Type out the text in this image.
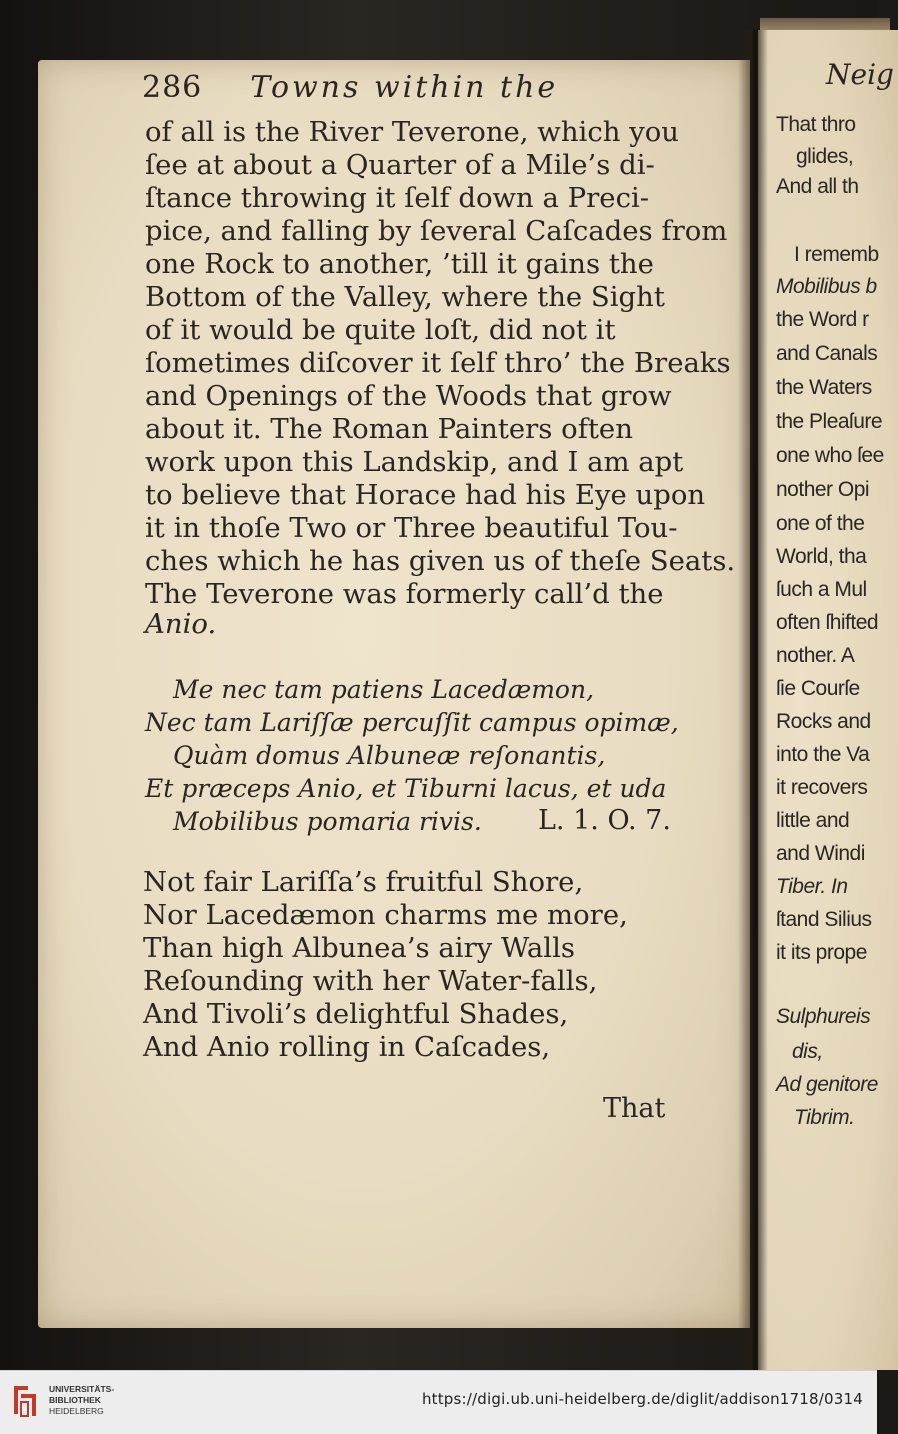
286 Towns within the
of all is the River Teverone, which you
ſee at about a Quarter of a Mile’s di-
ſtance throwing it ſelf down a Preci-
pice, and falling by ſeveral Caſcades from
one Rock to another, ’till it gains the
Bottom of the Valley, where the Sight
of it would be quite loſt, did not it
ſometimes diſcover it ſelf thro’ the Breaks
and Openings of the Woods that grow
about it. The Roman Painters often
work upon this Landskip, and I am apt
to believe that Horace had his Eye upon
it in thoſe Two or Three beautiful Tou-
ches which he has given us of theſe Seats.
The Teverone was formerly call’d the
Anio.
Me nec tam patiens Lacedæmon,
Nec tam Lariſſæ percuſſit campus opimæ,
Quàm domus Albuneæ reſonantis,
Et præceps Anio, et Tiburni lacus, et uda
Mobilibus pomaria rivis. L. 1. O. 7.
Not fair Lariſſa’s fruitful Shore,
Nor Lacedæmon charms me more,
Than high Albunea’s airy Walls
Reſounding with her Water-falls,
And Tivoli’s delightful Shades,
And Anio rolling in Caſcades,
That
Neig
That thro
glides,
And all th
I rememb
Mobilibus b
the Word r
and Canals
the Waters
the Pleaſure
one who ſee
nother Opi
one of the
World, tha
ſuch a Mul
often ſhifted
nother. A
ſie Courſe
Rocks and
into the Va
it recovers
little and
and Windi
Tiber. In
ſtand Silius
it its prope
Sulphureis
dis,
Ad genitore
Tibrim.
UNIVERSITÄTS-
BIBLIOTHEK
HEIDELBERG
https://digi.ub.uni-heidelberg.de/diglit/addison1718/0314
